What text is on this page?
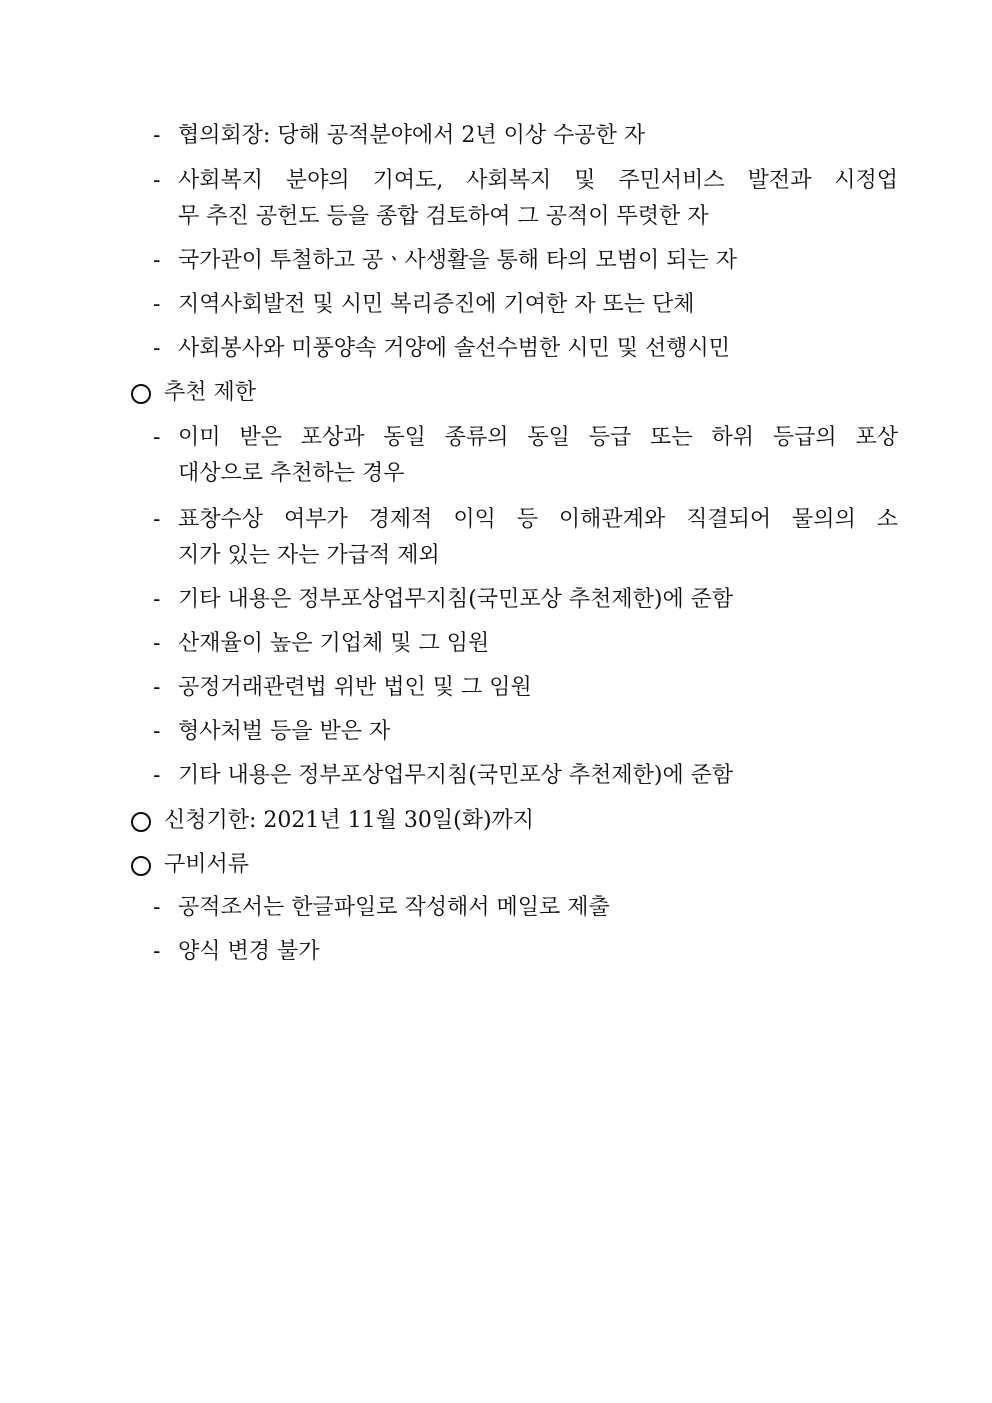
- 협의회장: 당해 공적분야에서 2년 이상 수공한 자
- 사회복지 분야의 기여도, 사회복지 및 주민서비스 발전과 시정업
무 추진 공헌도 등을 종합 검토하여 그 공적이 뚜렷한 자
- 국가관이 투철하고 공ㆍ사생활을 통해 타의 모범이 되는 자
- 지역사회발전 및 시민 복리증진에 기여한 자 또는 단체
- 사회봉사와 미풍양속 거양에 솔선수범한 시민 및 선행시민
추천 제한
- 이미 받은 포상과 동일 종류의 동일 등급 또는 하위 등급의 포상
대상으로 추천하는 경우
- 표창수상 여부가 경제적 이익 등 이해관계와 직결되어 물의의 소
지가 있는 자는 가급적 제외
- 기타 내용은 정부포상업무지침(국민포상 추천제한)에 준함
- 산재율이 높은 기업체 및 그 임원
- 공정거래관련법 위반 법인 및 그 임원
- 형사처벌 등을 받은 자
- 기타 내용은 정부포상업무지침(국민포상 추천제한)에 준함
신청기한: 2021년 11월 30일(화)까지
구비서류
- 공적조서는 한글파일로 작성해서 메일로 제출
- 양식 변경 불가
